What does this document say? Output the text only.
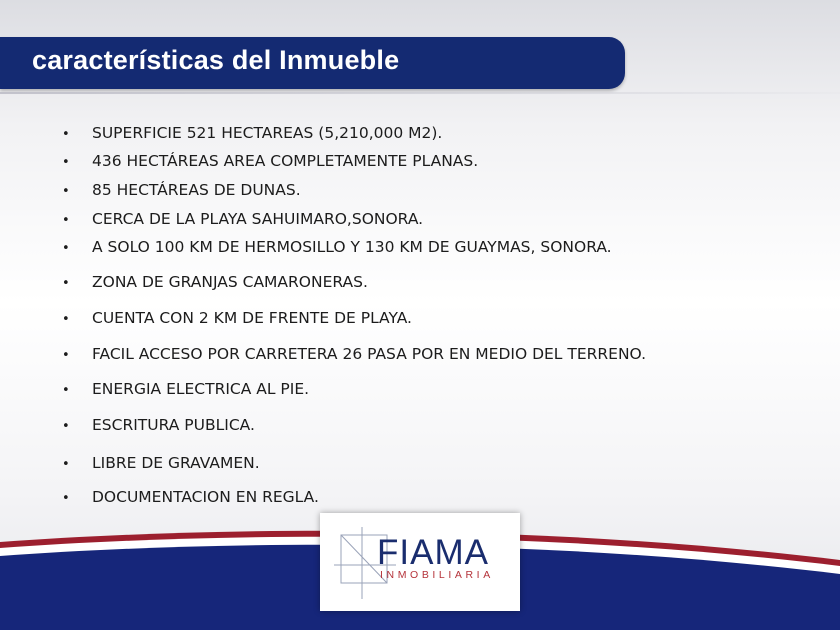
características del Inmueble
• SUPERFICIE 521 HECTAREAS (5,210,000 M2).
• 436 HECTÁREAS AREA COMPLETAMENTE PLANAS.
• 85 HECTÁREAS DE DUNAS.
• CERCA DE LA PLAYA SAHUIMARO,SONORA.
• A SOLO 100 KM DE HERMOSILLO Y 130 KM DE GUAYMAS, SONORA.
• ZONA DE GRANJAS CAMARONERAS.
• CUENTA CON 2 KM DE FRENTE DE PLAYA.
• FACIL ACCESO POR CARRETERA 26 PASA POR EN MEDIO DEL TERRENO.
• ENERGIA ELECTRICA AL PIE.
• ESCRITURA PUBLICA.
• LIBRE DE GRAVAMEN.
• DOCUMENTACION EN REGLA.

FIAMA

INMOBILIARIA
